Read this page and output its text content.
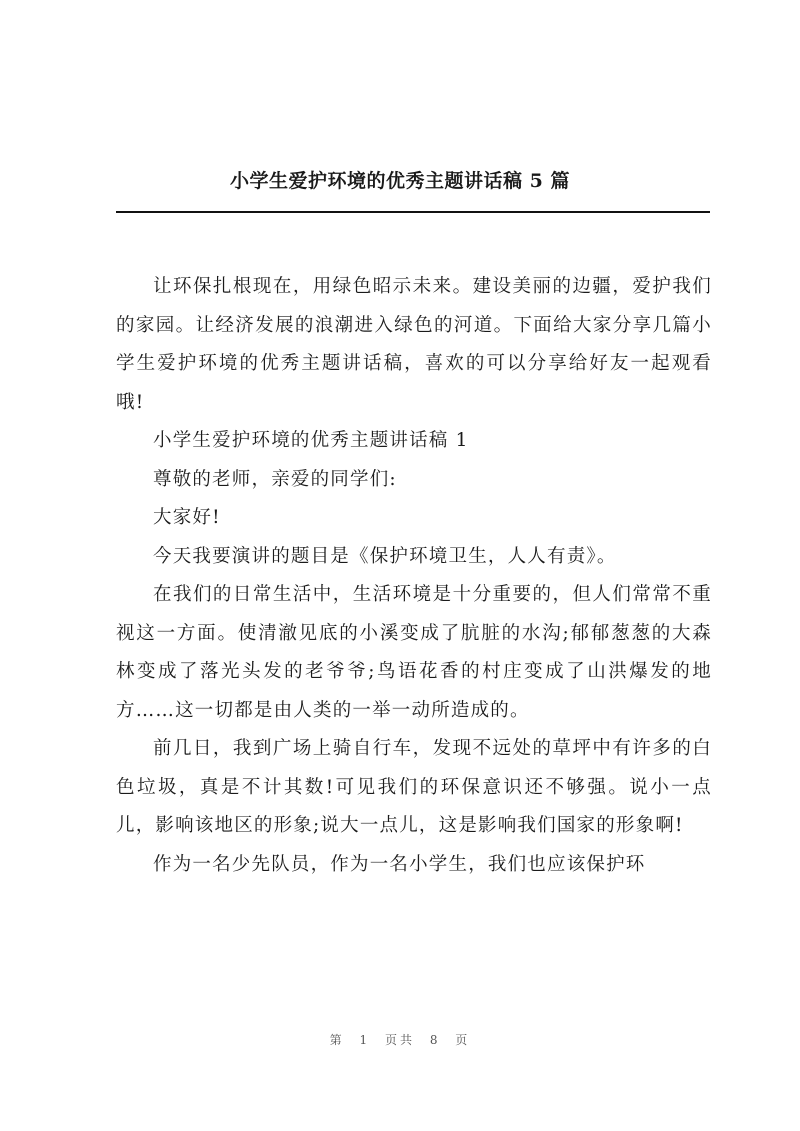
小学生爱护环境的优秀主题讲话稿 5 篇

让环保扎根现在，用绿色昭示未来。建设美丽的边疆，爱护我们的家园。让经济发展的浪潮进入绿色的河道。下面给大家分享几篇小学生爱护环境的优秀主题讲话稿，喜欢的可以分享给好友一起观看哦!

小学生爱护环境的优秀主题讲话稿 1

尊敬的老师，亲爱的同学们:

大家好!

今天我要演讲的题目是《保护环境卫生，人人有责》。

在我们的日常生活中，生活环境是十分重要的，但人们常常不重视这一方面。使清澈见底的小溪变成了肮脏的水沟;郁郁葱葱的大森林变成了落光头发的老爷爷;鸟语花香的村庄变成了山洪爆发的地方……这一切都是由人类的一举一动所造成的。

前几日，我到广场上骑自行车，发现不远处的草坪中有许多的白色垃圾，真是不计其数!可见我们的环保意识还不够强。说小一点儿，影响该地区的形象;说大一点儿，这是影响我们国家的形象啊!

作为一名少先队员，作为一名小学生，我们也应该保护环

第 1 页共 8 页
